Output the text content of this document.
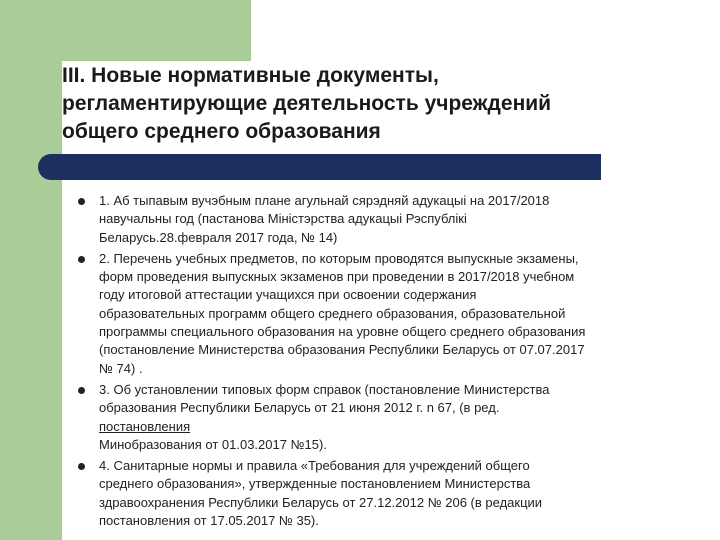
III. Новые нормативные документы,
регламентирующие деятельность учреждений
общего среднего образования
1. Аб тыпавым вучэбным плане агульнай сярэдняй адукацыі на 2017/2018
навучальны год (пастанова Міністэрства адукацыі Рэспублікі
Беларусь.28.февраля 2017 года, № 14)
2. Перечень учебных предметов, по которым проводятся выпускные экзамены,
форм проведения выпускных экзаменов при проведении в 2017/2018 учебном
году итоговой аттестации учащихся при освоении содержания
образовательных программ общего среднего образования, образовательной
программы специального образования на уровне общего среднего образования
(постановление Министерства образования Республики Беларусь от 07.07.2017
№ 74) .
3. Об установлении типовых форм справок (постановление Министерства
образования Республики Беларусь от 21 июня 2012 г. n 67, (в ред.
постановления
Минобразования от 01.03.2017 №15).
4. Санитарные нормы и правила «Требования для учреждений общего
среднего образования», утвержденные постановлением Министерства
здравоохранения Республики Беларусь от 27.12.2012 № 206 (в редакции
постановления от 17.05.2017 № 35).
